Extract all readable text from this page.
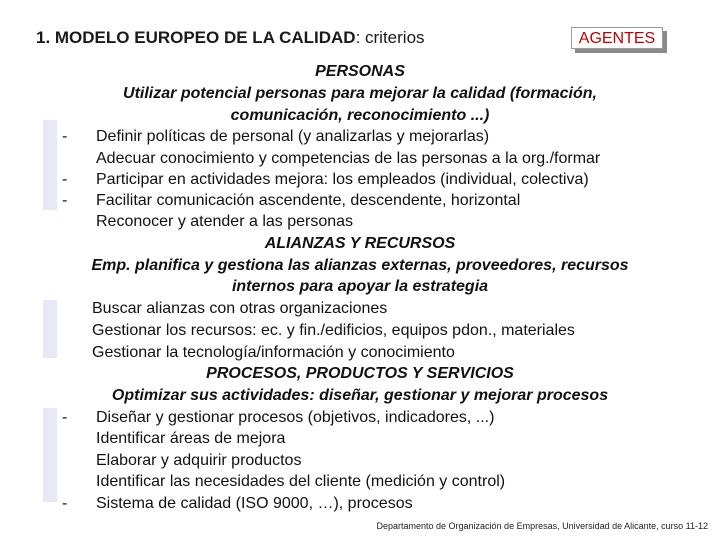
1. MODELO EUROPEO DE LA CALIDAD: criterios	AGENTES
PERSONAS
Utilizar potencial personas para mejorar la calidad (formación,
comunicación, reconocimiento ...)
- Definir políticas de personal (y analizarlas y mejorarlas)
Adecuar conocimiento y competencias de las personas a la org./formar
- Participar en actividades mejora: los empleados (individual, colectiva)
- Facilitar comunicación ascendente, descendente, horizontal
Reconocer y atender a las personas
ALIANZAS Y RECURSOS
Emp. planifica y gestiona las alianzas externas, proveedores, recursos
internos para apoyar la estrategia
Buscar alianzas con otras organizaciones
Gestionar los recursos: ec. y fin./edificios, equipos pdon., materiales
Gestionar la tecnología/información y conocimiento
PROCESOS, PRODUCTOS Y SERVICIOS
Optimizar sus actividades: diseñar, gestionar y mejorar procesos
- Diseñar y gestionar procesos (objetivos, indicadores, ...)
Identificar áreas de mejora
Elaborar y adquirir productos
Identificar las necesidades del cliente (medición y control)
- Sistema de calidad (ISO 9000, …), procesos
Departamento de Organización de Empresas, Universidad de Alicante, curso 11-12
